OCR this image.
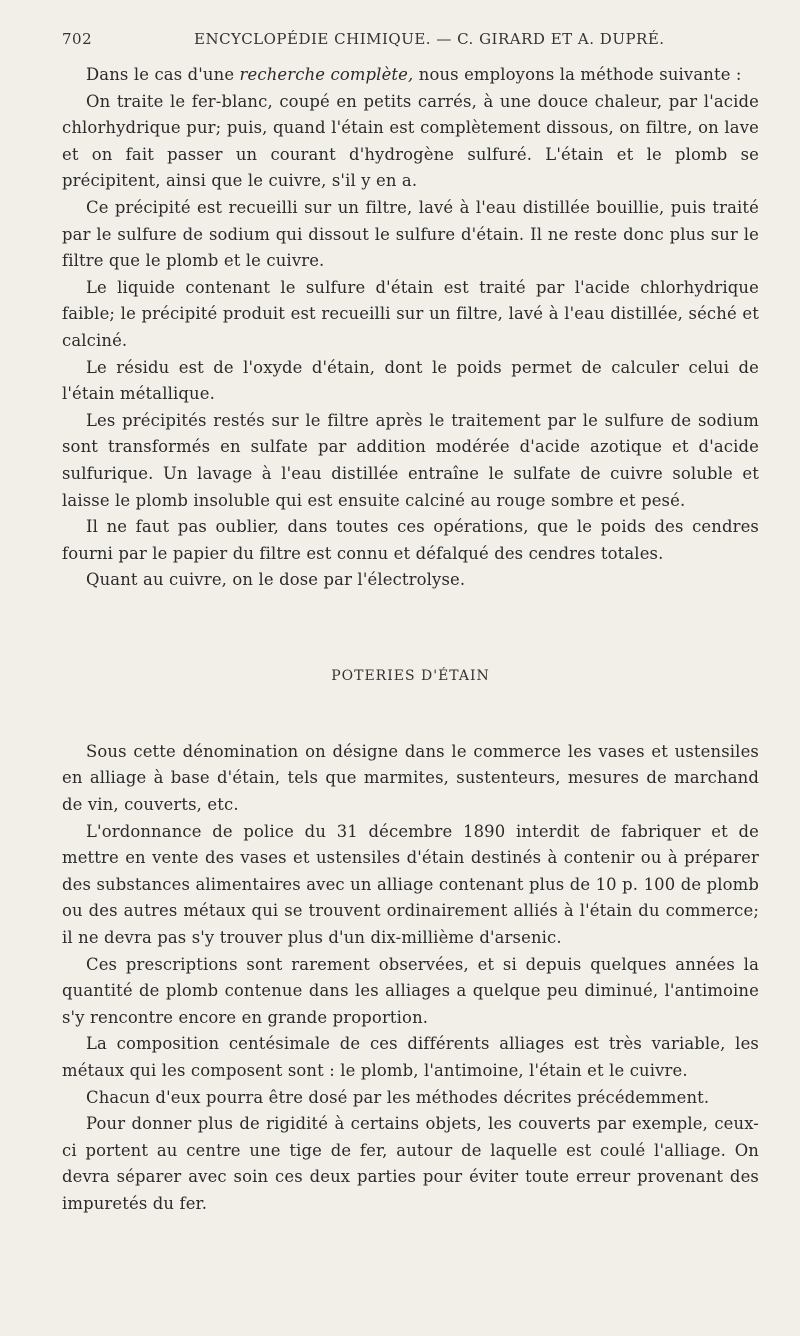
702	ENCYCLOPÉDIE CHIMIQUE. — C. GIRARD ET A. DUPRÉ.

Dans le cas d'une recherche complète, nous employons la méthode suivante :

On traite le fer-blanc, coupé en petits carrés, à une douce chaleur, par l'acide chlorhydrique pur; puis, quand l'étain est complètement dissous, on filtre, on lave et on fait passer un courant d'hydrogène sulfuré. L'étain et le plomb se précipitent, ainsi que le cuivre, s'il y en a.

Ce précipité est recueilli sur un filtre, lavé à l'eau distillée bouillie, puis traité par le sulfure de sodium qui dissout le sulfure d'étain. Il ne reste donc plus sur le filtre que le plomb et le cuivre.

Le liquide contenant le sulfure d'étain est traité par l'acide chlorhydrique faible; le précipité produit est recueilli sur un filtre, lavé à l'eau distillée, séché et calciné.

Le résidu est de l'oxyde d'étain, dont le poids permet de calculer celui de l'étain métallique.

Les précipités restés sur le filtre après le traitement par le sulfure de sodium sont transformés en sulfate par addition modérée d'acide azotique et d'acide sulfurique. Un lavage à l'eau distillée entraîne le sulfate de cuivre soluble et laisse le plomb insoluble qui est ensuite calciné au rouge sombre et pesé.

Il ne faut pas oublier, dans toutes ces opérations, que le poids des cendres fourni par le papier du filtre est connu et défalqué des cendres totales.

Quant au cuivre, on le dose par l'électrolyse.

POTERIES D'ÉTAIN

Sous cette dénomination on désigne dans le commerce les vases et ustensiles en alliage à base d'étain, tels que marmites, sustenteurs, mesures de marchand de vin, couverts, etc.

L'ordonnance de police du 31 décembre 1890 interdit de fabriquer et de mettre en vente des vases et ustensiles d'étain destinés à contenir ou à préparer des substances alimentaires avec un alliage contenant plus de 10 p. 100 de plomb ou des autres métaux qui se trouvent ordinairement alliés à l'étain du commerce; il ne devra pas s'y trouver plus d'un dix-millième d'arsenic.

Ces prescriptions sont rarement observées, et si depuis quelques années la quantité de plomb contenue dans les alliages a quelque peu diminué, l'antimoine s'y rencontre encore en grande proportion.

La composition centésimale de ces différents alliages est très variable, les métaux qui les composent sont : le plomb, l'antimoine, l'étain et le cuivre.

Chacun d'eux pourra être dosé par les méthodes décrites précédemment.

Pour donner plus de rigidité à certains objets, les couverts par exemple, ceux-ci portent au centre une tige de fer, autour de laquelle est coulé l'alliage. On devra séparer avec soin ces deux parties pour éviter toute erreur provenant des impuretés du fer.
